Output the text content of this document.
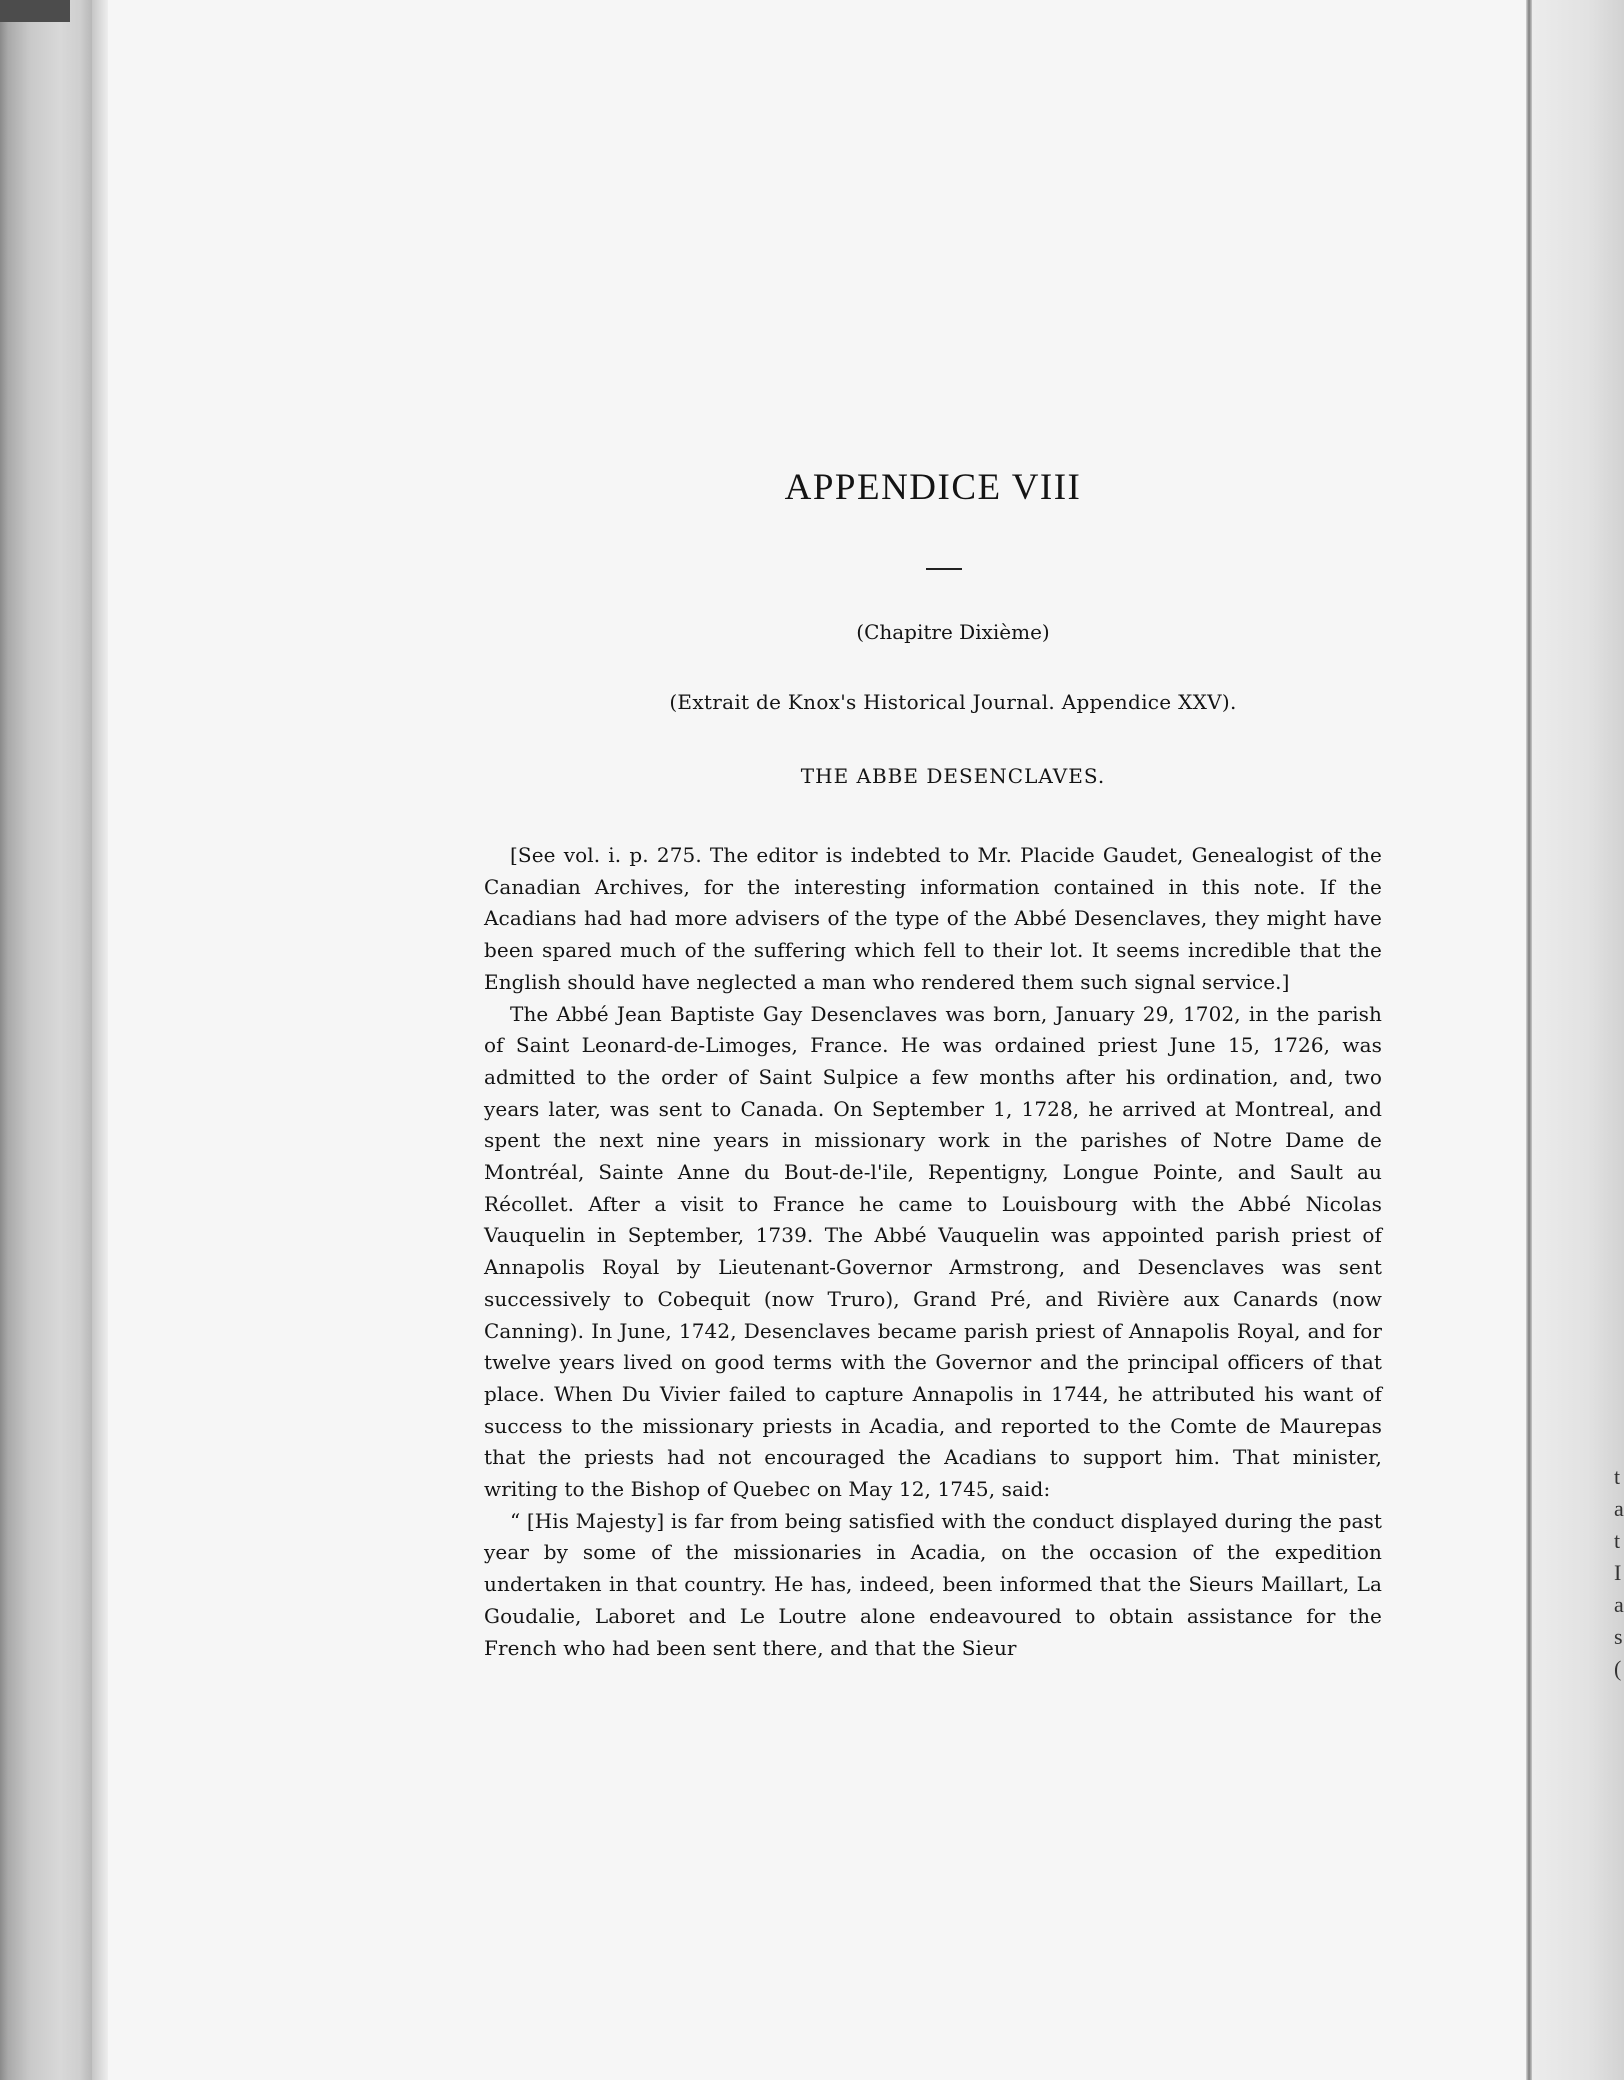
APPENDICE VIII
(Chapitre Dixième)
(Extrait de Knox's Historical Journal. Appendice XXV).
THE ABBE DESENCLAVES.

[See vol. i. p. 275. The editor is indebted to Mr. Placide Gaudet, Genealogist of the Canadian Archives, for the interesting information contained in this note. If the Acadians had had more advisers of the type of the Abbé Desenclaves, they might have been spared much of the suffering which fell to their lot. It seems incredible that the English should have neglected a man who rendered them such signal service.]

The Abbé Jean Baptiste Gay Desenclaves was born, January 29, 1702, in the parish of Saint Leonard-de-Limoges, France. He was ordained priest June 15, 1726, was admitted to the order of Saint Sulpice a few months after his ordination, and, two years later, was sent to Canada. On September 1, 1728, he arrived at Montreal, and spent the next nine years in missionary work in the parishes of Notre Dame de Montréal, Sainte Anne du Bout-de-l'ile, Repentigny, Longue Pointe, and Sault au Récollet. After a visit to France he came to Louisbourg with the Abbé Nicolas Vauquelin in September, 1739. The Abbé Vauquelin was appointed parish priest of Annapolis Royal by Lieutenant-Governor Armstrong, and Desenclaves was sent successively to Cobequit (now Truro), Grand Pré, and Rivière aux Canards (now Canning). In June, 1742, Desenclaves became parish priest of Annapolis Royal, and for twelve years lived on good terms with the Governor and the principal officers of that place. When Du Vivier failed to capture Annapolis in 1744, he attributed his want of success to the missionary priests in Acadia, and reported to the Comte de Maurepas that the priests had not encouraged the Acadians to support him. That minister, writing to the Bishop of Quebec on May 12, 1745, said:

“ [His Majesty] is far from being satisfied with the conduct displayed during the past year by some of the missionaries in Acadia, on the occasion of the expedition undertaken in that country. He has, indeed, been informed that the Sieurs Maillart, La Goudalie, Laboret and Le Loutre alone endeavoured to obtain assistance for the French who had been sent there, and that the Sieur

t
a
t
I
a
s
(
